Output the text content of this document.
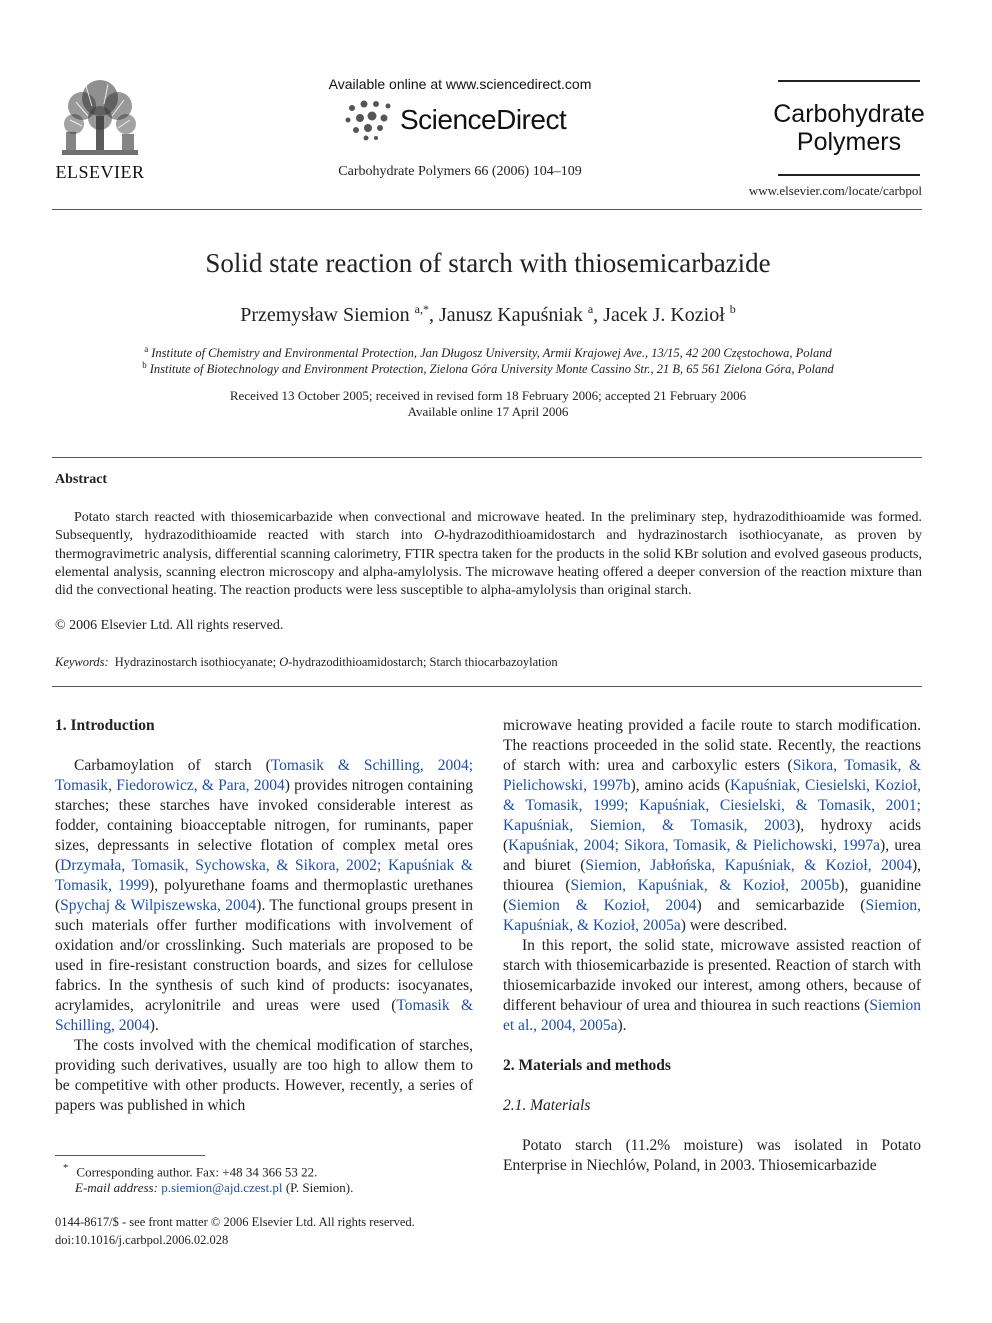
ELSEVIER
Available online at www.sciencedirect.com
ScienceDirect
Carbohydrate Polymers 66 (2006) 104–109
Carbohydrate
Polymers
www.elsevier.com/locate/carbpol
Solid state reaction of starch with thiosemicarbazide
Przemysław Siemion $^{a,*}$, Janusz Kapuśniak $^a$, Jacek J. Kozioł $^b$
$^a$ Institute of Chemistry and Environmental Protection, Jan Długosz University, Armii Krajowej Ave., 13/15, 42 200 Częstochowa, Poland
$^b$ Institute of Biotechnology and Environment Protection, Zielona Góra University Monte Cassino Str., 21 B, 65 561 Zielona Góra, Poland
Received 13 October 2005; received in revised form 18 February 2006; accepted 21 February 2006
Available online 17 April 2006
Abstract
Potato starch reacted with thiosemicarbazide when convectional and microwave heated. In the preliminary step, hydrazodithioamide was formed. Subsequently, hydrazodithioamide reacted with starch into O-hydrazodithioamidostarch and hydrazinostarch isothiocyanate, as proven by thermogravimetric analysis, differential scanning calorimetry, FTIR spectra taken for the products in the solid KBr solution and evolved gaseous products, elemental analysis, scanning electron microscopy and alpha-amylolysis. The microwave heating offered a deeper conversion of the reaction mixture than did the convectional heating. The reaction products were less susceptible to alpha-amylolysis than original starch.
© 2006 Elsevier Ltd. All rights reserved.
Keywords: Hydrazinostarch isothiocyanate; O-hydrazodithioamidostarch; Starch thiocarbazoylation

1. Introduction

Carbamoylation of starch (Tomasik & Schilling, 2004; Tomasik, Fiedorowicz, & Para, 2004) provides nitrogen containing starches; these starches have invoked considerable interest as fodder, containing bioacceptable nitrogen, for ruminants, paper sizes, depressants in selective flotation of complex metal ores (Drzymała, Tomasik, Sychowska, & Sikora, 2002; Kapuśniak & Tomasik, 1999), polyurethane foams and thermoplastic urethanes (Spychaj & Wilpiszewska, 2004). The functional groups present in such materials offer further modifications with involvement of oxidation and/or crosslinking. Such materials are proposed to be used in fire-resistant construction boards, and sizes for cellulose fabrics. In the synthesis of such kind of products: isocyanates, acrylamides, acrylonitrile and ureas were used (Tomasik & Schilling, 2004).

The costs involved with the chemical modification of starches, providing such derivatives, usually are too high to allow them to be competitive with other products. However, recently, a series of papers was published in which

microwave heating provided a facile route to starch modification. The reactions proceeded in the solid state. Recently, the reactions of starch with: urea and carboxylic esters (Sikora, Tomasik, & Pielichowski, 1997b), amino acids (Kapuśniak, Ciesielski, Kozioł, & Tomasik, 1999; Kapuśniak, Ciesielski, & Tomasik, 2001; Kapuśniak, Siemion, & Tomasik, 2003), hydroxy acids (Kapuśniak, 2004; Sikora, Tomasik, & Pielichowski, 1997a), urea and biuret (Siemion, Jabłońska, Kapuśniak, & Kozioł, 2004), thiourea (Siemion, Kapuśniak, & Kozioł, 2005b), guanidine (Siemion & Kozioł, 2004) and semicarbazide (Siemion, Kapuśniak, & Kozioł, 2005a) were described.

In this report, the solid state, microwave assisted reaction of starch with thiosemicarbazide is presented. Reaction of starch with thiosemicarbazide invoked our interest, among others, because of different behaviour of urea and thiourea in such reactions (Siemion et al., 2004, 2005a).

2. Materials and methods

2.1. Materials

Potato starch (11.2% moisture) was isolated in Potato Enterprise in Niechlów, Poland, in 2003. Thiosemicarbazide

* Corresponding author. Fax: +48 34 366 53 22.
E-mail address: p.siemion@ajd.czest.pl (P. Siemion).
0144-8617/$ - see front matter © 2006 Elsevier Ltd. All rights reserved.
doi:10.1016/j.carbpol.2006.02.028
